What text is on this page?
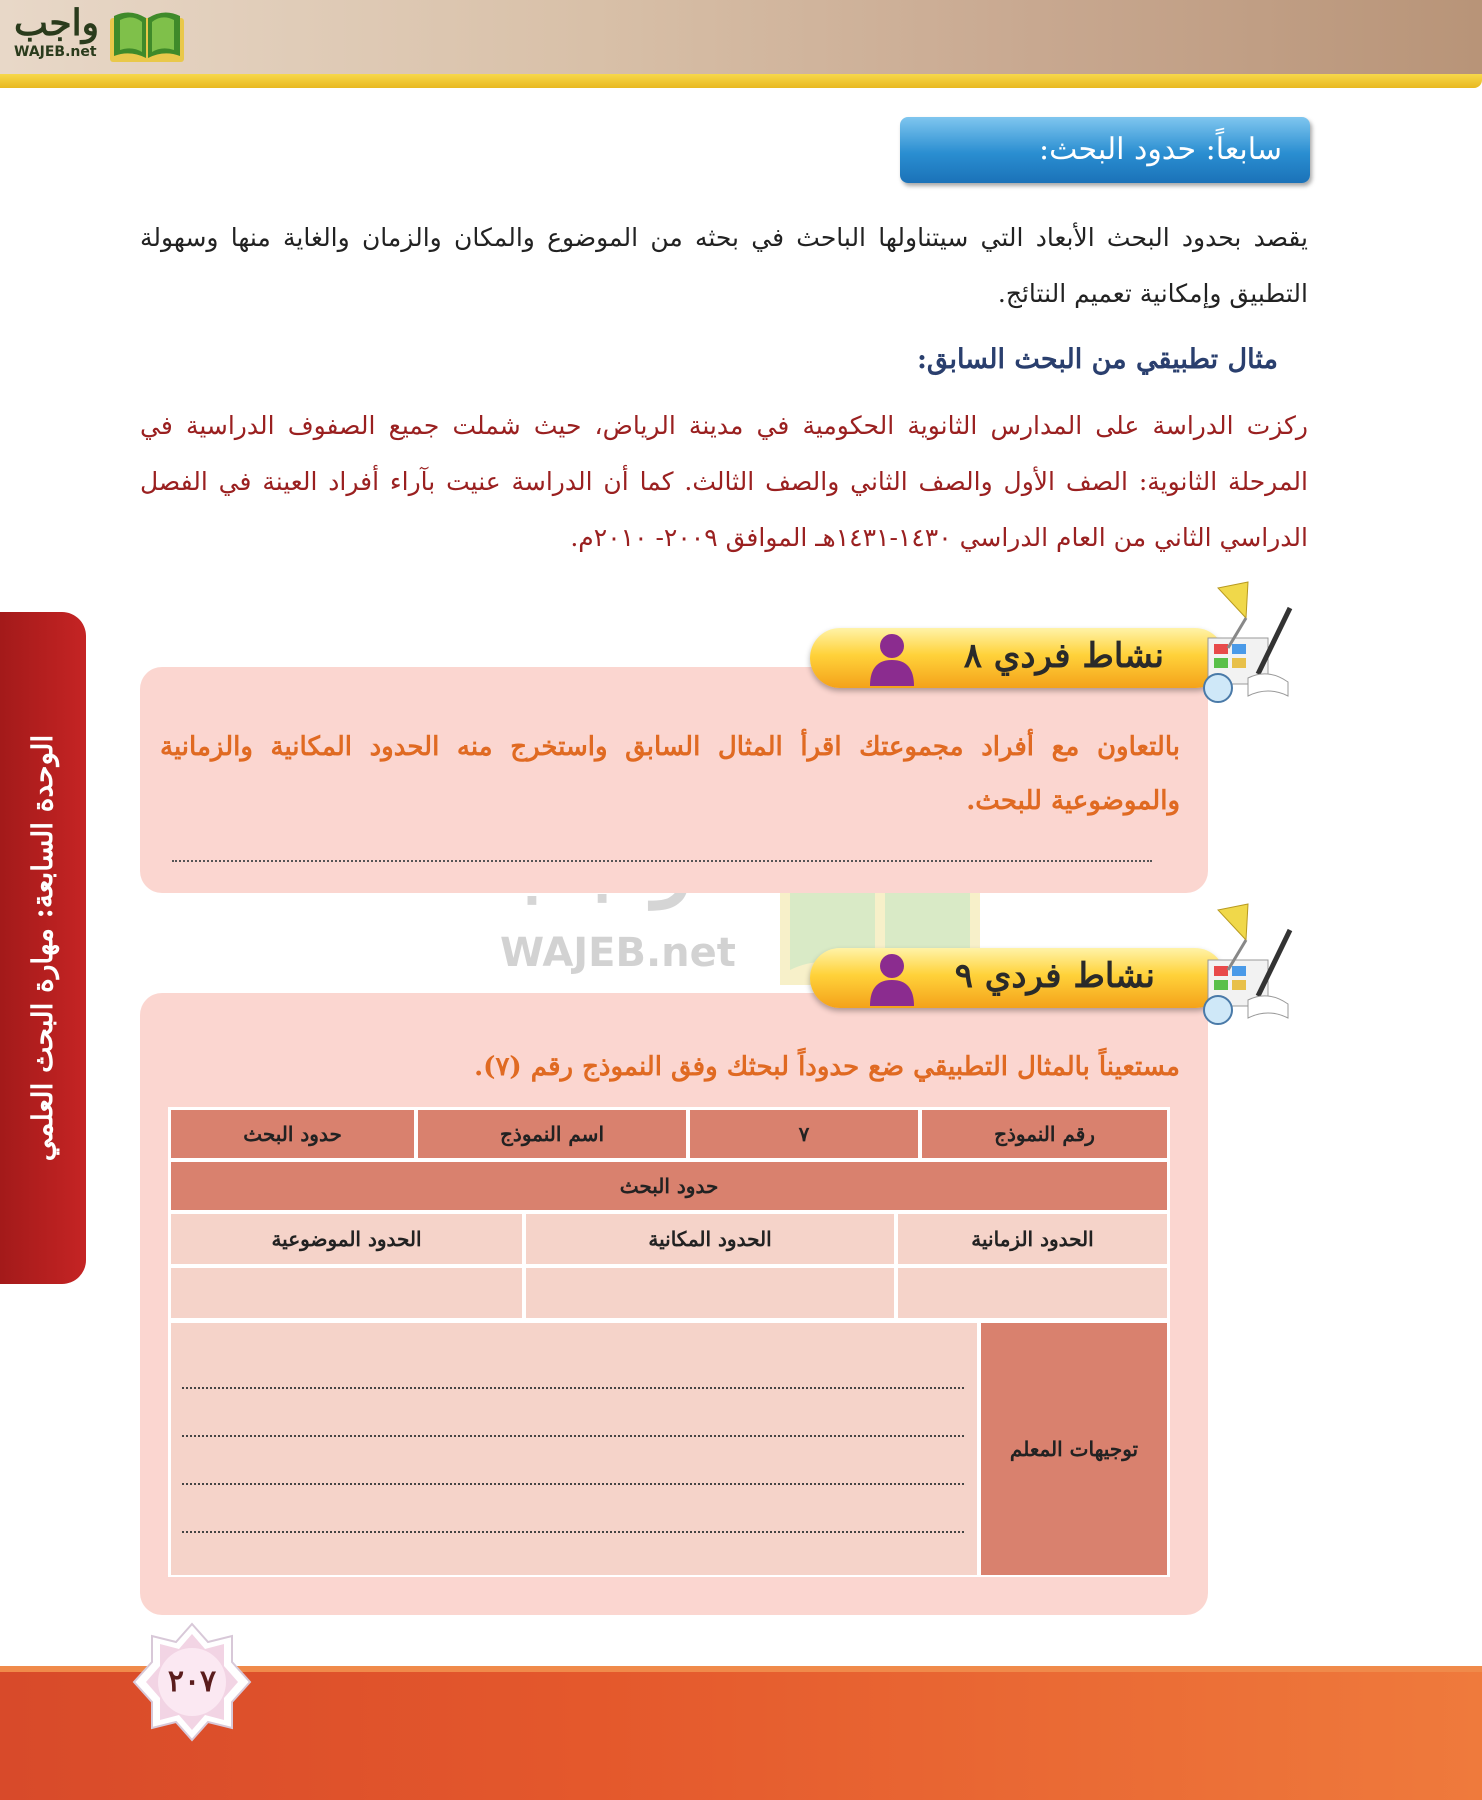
واجب
WAJEB.net
سابعاً: حدود البحث:
يقصد بحدود البحث الأبعاد التي سيتناولها الباحث في بحثه من الموضوع والمكان والزمان والغاية منها وسهولة التطبيق وإمكانية تعميم النتائج.
مثال تطبيقي من البحث السابق:
ركزت الدراسة على المدارس الثانوية الحكومية في مدينة الرياض، حيث شملت جميع الصفوف الدراسية في المرحلة الثانوية: الصف الأول والصف الثاني والصف الثالث. كما أن الدراسة عنيت بآراء أفراد العينة في الفصل الدراسي الثاني من العام الدراسي ١٤٣٠-١٤٣١هـ الموافق ٢٠٠٩- ٢٠١٠م.
الوحدة السابعة: مهارة البحث العلمي	WAJEB.net
نشاط فردي ٨
بالتعاون مع أفراد مجموعتك اقرأ المثال السابق واستخرج منه الحدود المكانية والزمانية والموضوعية للبحث.
نشاط فردي ٩
مستعيناً بالمثال التطبيقي ضع حدوداً لبحثك وفق النموذج رقم (٧).
رقم النموذج
٧
اسم النموذج
حدود البحث
حدود البحث
الحدود الزمانية
الحدود المكانية
الحدود الموضوعية
توجيهات المعلم
٢٠٧
